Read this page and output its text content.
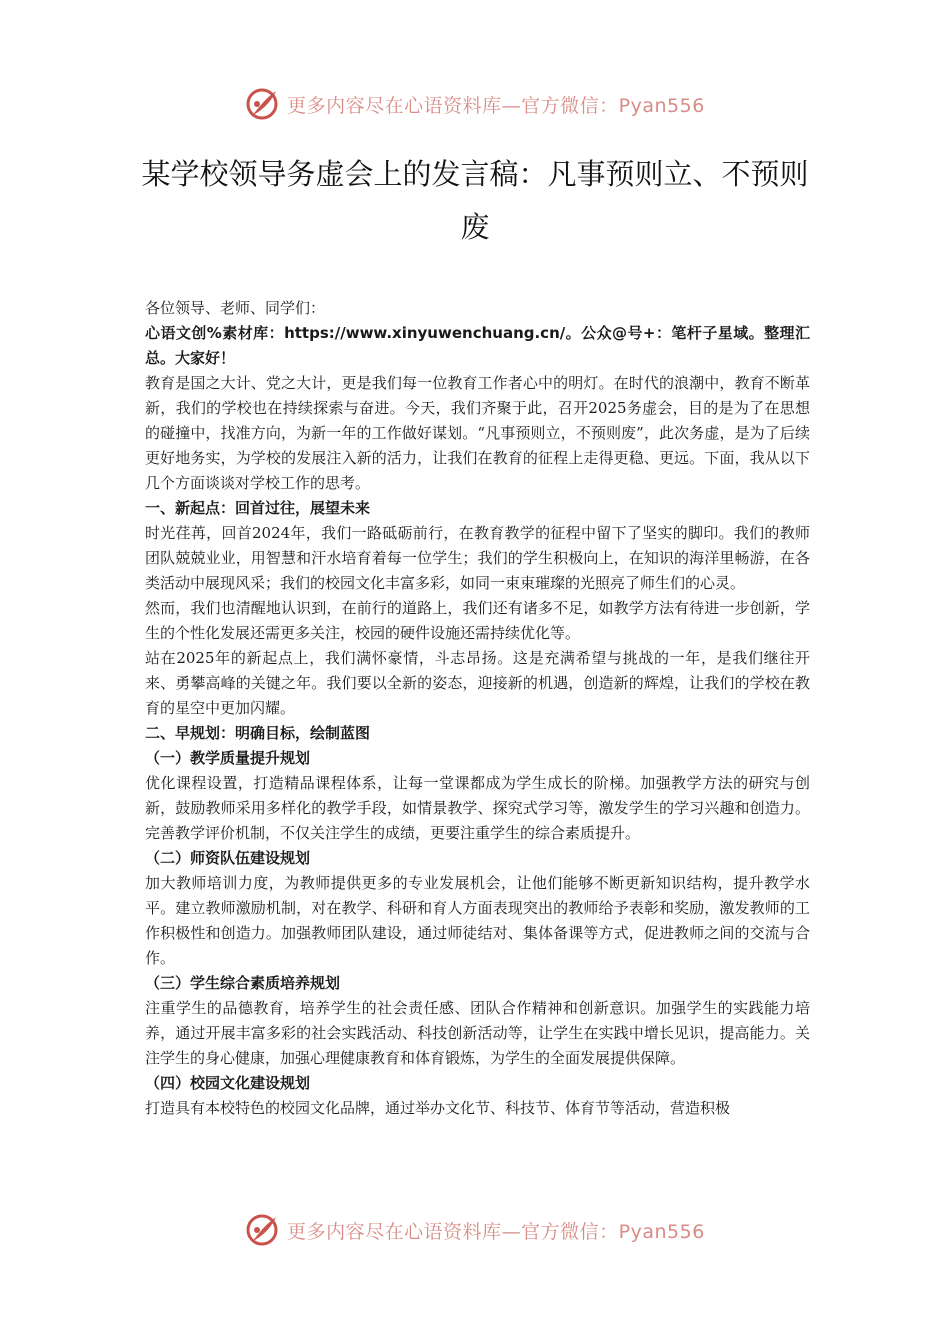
更多内容尽在心语资料库—官方微信：Pyan556
某学校领导务虚会上的发言稿：凡事预则立、不预则废

各位领导、老师、同学们：

心语文创%素材库：https://www.xinyuwenchuang.cn/。公众@号+：笔杆子星域。整理汇总。大家好！

教育是国之大计、党之大计，更是我们每一位教育工作者心中的明灯。在时代的浪潮中，教育不断革新，我们的学校也在持续探索与奋进。今天，我们齐聚于此，召开2025务虚会，目的是为了在思想的碰撞中，找准方向，为新一年的工作做好谋划。“凡事预则立，不预则废”，此次务虚，是为了后续更好地务实，为学校的发展注入新的活力，让我们在教育的征程上走得更稳、更远。下面，我从以下几个方面谈谈对学校工作的思考。

一、新起点：回首过往，展望未来

时光荏苒，回首2024年，我们一路砥砺前行，在教育教学的征程中留下了坚实的脚印。我们的教师团队兢兢业业，用智慧和汗水培育着每一位学生；我们的学生积极向上，在知识的海洋里畅游，在各类活动中展现风采；我们的校园文化丰富多彩，如同一束束璀璨的光照亮了师生们的心灵。

然而，我们也清醒地认识到，在前行的道路上，我们还有诸多不足，如教学方法有待进一步创新，学生的个性化发展还需更多关注，校园的硬件设施还需持续优化等。

站在2025年的新起点上，我们满怀豪情，斗志昂扬。这是充满希望与挑战的一年，是我们继往开来、勇攀高峰的关键之年。我们要以全新的姿态，迎接新的机遇，创造新的辉煌，让我们的学校在教育的星空中更加闪耀。

二、早规划：明确目标，绘制蓝图

（一）教学质量提升规划

优化课程设置，打造精品课程体系，让每一堂课都成为学生成长的阶梯。加强教学方法的研究与创新，鼓励教师采用多样化的教学手段，如情景教学、探究式学习等，激发学生的学习兴趣和创造力。完善教学评价机制，不仅关注学生的成绩，更要注重学生的综合素质提升。

（二）师资队伍建设规划

加大教师培训力度，为教师提供更多的专业发展机会，让他们能够不断更新知识结构，提升教学水平。建立教师激励机制，对在教学、科研和育人方面表现突出的教师给予表彰和奖励，激发教师的工作积极性和创造力。加强教师团队建设，通过师徒结对、集体备课等方式，促进教师之间的交流与合作。

（三）学生综合素质培养规划

注重学生的品德教育，培养学生的社会责任感、团队合作精神和创新意识。加强学生的实践能力培养，通过开展丰富多彩的社会实践活动、科技创新活动等，让学生在实践中增长见识，提高能力。关注学生的身心健康，加强心理健康教育和体育锻炼，为学生的全面发展提供保障。

（四）校园文化建设规划

打造具有本校特色的校园文化品牌，通过举办文化节、科技节、体育节等活动，营造积极

更多内容尽在心语资料库—官方微信：Pyan556
